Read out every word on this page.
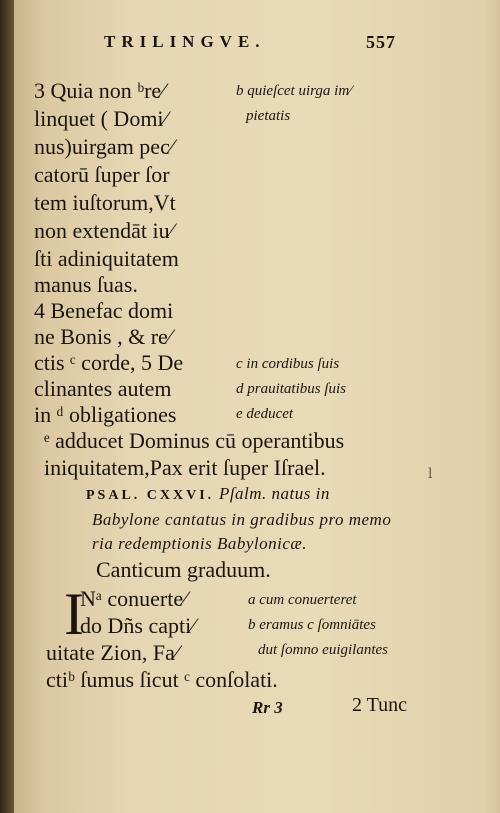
TRILINGVE.	557
3 Quia non ᵇre⁄
linquet ( Domi⁄
nus)uirgam pec⁄
catorū ſuper ſor
tem iuſtorum,Vt
non extendāt iu⁄
ſti adiniquitatem
manus ſuas.
4 Benefac domi
ne Bonis , & re⁄
ctis ᶜ corde, 5 De
clinantes autem
in ᵈ obligationes
b quieſcet uirga im⁄
pietatis
c in cordibus ſuis
d prauitatibus ſuis
e deducet
ᵉ adducet Dominus cū operantibus
iniquitatem,Pax erit ſuper Iſrael.	l
PSAL. CXXVI. Pſalm. natus in
Babylone cantatus in gradibus pro memo
ria redemptionis Babylonicæ.
Canticum graduum.
I
Nᵃ conuerte⁄
do Dñs capti⁄
uitate Zion, Fa⁄
ctiᵇ ſumus ſicut ᶜ conſolati.
a cum conuerteret
b eramus c ſomniātes
dut ſomno euigilantes
Rr 3	2 Tunc
